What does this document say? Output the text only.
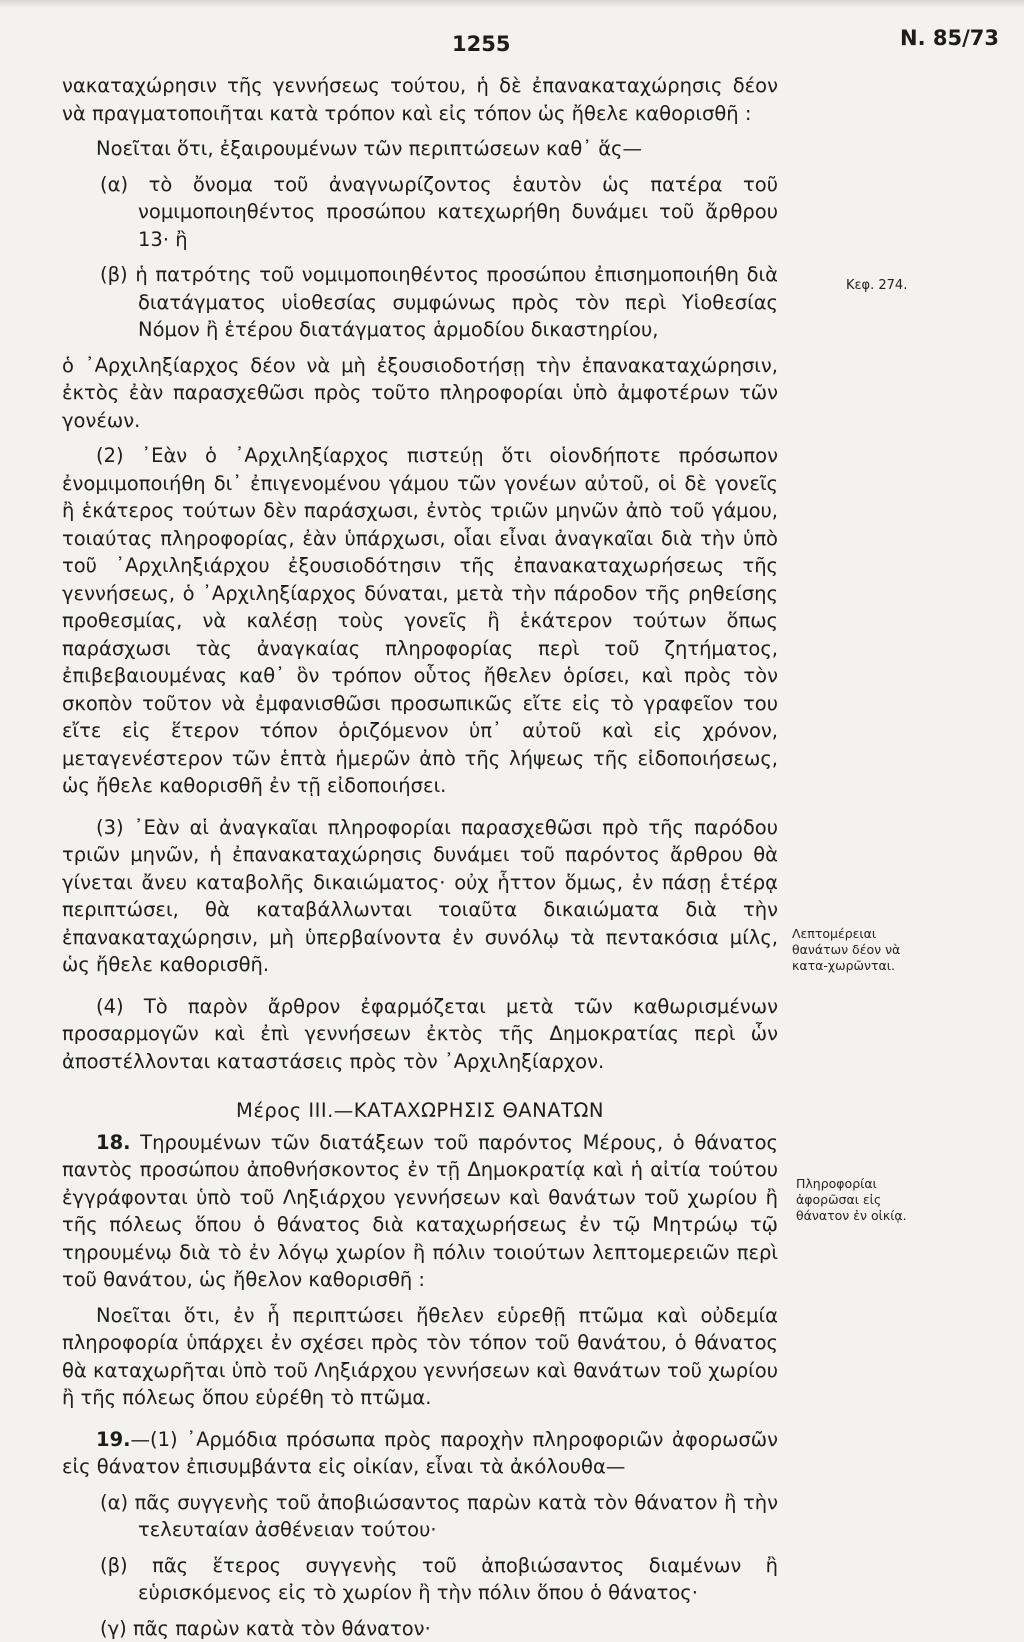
1255	Ν. 85/73

νακαταχώρησιν τῆς γεννήσεως τούτου, ἡ δὲ ἐπανακαταχώρησις δέον νὰ πραγματοποιῆται κατὰ τρόπον καὶ εἰς τόπον ὡς ἤθελε καθορισθῆ :

Νοεῖται ὅτι, ἐξαιρουμένων τῶν περιπτώσεων καθ᾽ ἅς—

(α) τὸ ὄνομα τοῦ ἀναγνωρίζοντος ἑαυτὸν ὡς πατέρα τοῦ νομιμοποιηθέντος προσώπου κατεχωρήθη δυνάμει τοῦ ἄρθρου 13· ἢ

(β) ἡ πατρότης τοῦ νομιμοποιηθέντος προσώπου ἐπισημοποιήθη διὰ διατάγματος υἱοθεσίας συμφώνως πρὸς τὸν περὶ Υἱοθεσίας Νόμον ἢ ἑτέρου διατάγματος ἁρμοδίου δικαστηρίου,

ὁ ᾽Αρχιληξίαρχος δέον νὰ μὴ ἐξουσιοδοτήσῃ τὴν ἐπανακαταχώρησιν, ἐκτὸς ἐὰν παρασχεθῶσι πρὸς τοῦτο πληροφορίαι ὑπὸ ἀμφοτέρων τῶν γονέων.

(2) ᾽Εὰν ὁ ᾽Αρχιληξίαρχος πιστεύῃ ὅτι οἱονδήποτε πρόσωπον ἐνομιμοποιήθη δι᾽ ἐπιγενομένου γάμου τῶν γονέων αὐτοῦ, οἱ δὲ γονεῖς ἢ ἑκάτερος τούτων δὲν παράσχωσι, ἐντὸς τριῶν μηνῶν ἀπὸ τοῦ γάμου, τοιαύτας πληροφορίας, ἐὰν ὑπάρχωσι, οἷαι εἶναι ἀναγκαῖαι διὰ τὴν ὑπὸ τοῦ ᾽Αρχιληξιάρχου ἐξουσιοδότησιν τῆς ἐπανακαταχωρήσεως τῆς γεννήσεως, ὁ ᾽Αρχιληξίαρχος δύναται, μετὰ τὴν πάροδον τῆς ρηθείσης προθεσμίας, νὰ καλέσῃ τοὺς γονεῖς ἢ ἑκάτερον τούτων ὅπως παράσχωσι τὰς ἀναγκαίας πληροφορίας περὶ τοῦ ζητήματος, ἐπιβεβαιουμένας καθ᾽ ὃν τρόπον οὗτος ἤθελεν ὁρίσει, καὶ πρὸς τὸν σκοπὸν τοῦτον νὰ ἐμφανισθῶσι προσωπικῶς εἴτε εἰς τὸ γραφεῖον του εἴτε εἰς ἕτερον τόπον ὁριζόμενον ὑπ᾽ αὐτοῦ καὶ εἰς χρόνον, μεταγενέστερον τῶν ἑπτὰ ἡμερῶν ἀπὸ τῆς λήψεως τῆς εἰδοποιήσεως, ὡς ἤθελε καθορισθῆ ἐν τῇ εἰδοποιήσει.

(3) ᾽Εὰν αἱ ἀναγκαῖαι πληροφορίαι παρασχεθῶσι πρὸ τῆς παρόδου τριῶν μηνῶν, ἡ ἐπανακαταχώρησις δυνάμει τοῦ παρόντος ἄρθρου θὰ γίνεται ἄνευ καταβολῆς δικαιώματος· οὐχ ἧττον ὅμως, ἐν πάσῃ ἑτέρᾳ περιπτώσει, θὰ καταβάλλωνται τοιαῦτα δικαιώματα διὰ τὴν ἐπανακαταχώρησιν, μὴ ὑπερβαίνοντα ἐν συνόλῳ τὰ πεντακόσια μίλς, ὡς ἤθελε καθορισθῆ.

(4) Τὸ παρὸν ἄρθρον ἐφαρμόζεται μετὰ τῶν καθωρισμένων προσαρμογῶν καὶ ἐπὶ γεννήσεων ἐκτὸς τῆς Δημοκρατίας περὶ ὧν ἀποστέλλονται καταστάσεις πρὸς τὸν ᾽Αρχιληξίαρχον.

Μέρος ΙΙΙ.—ΚΑΤΑΧΩΡΗΣΙΣ ΘΑΝΑΤΩΝ

18. Τηρουμένων τῶν διατάξεων τοῦ παρόντος Μέρους, ὁ θάνατος παντὸς προσώπου ἀποθνήσκοντος ἐν τῇ Δημοκρατίᾳ καὶ ἡ αἰτία τούτου ἐγγράφονται ὑπὸ τοῦ Ληξιάρχου γεννήσεων καὶ θανάτων τοῦ χωρίου ἢ τῆς πόλεως ὅπου ὁ θάνατος διὰ καταχωρήσεως ἐν τῷ Μητρώῳ τῷ τηρουμένῳ διὰ τὸ ἐν λόγῳ χωρίον ἢ πόλιν τοιούτων λεπτομερειῶν περὶ τοῦ θανάτου, ὡς ἤθελον καθορισθῆ :

Νοεῖται ὅτι, ἐν ἧ περιπτώσει ἤθελεν εὑρεθῇ πτῶμα καὶ οὐδεμία πληροφορία ὑπάρχει ἐν σχέσει πρὸς τὸν τόπον τοῦ θανάτου, ὁ θάνατος θὰ καταχωρῆται ὑπὸ τοῦ Ληξιάρχου γεννήσεων καὶ θανάτων τοῦ χωρίου ἢ τῆς πόλεως ὅπου εὑρέθη τὸ πτῶμα.

19.—(1) ᾽Αρμόδια πρόσωπα πρὸς παροχὴν πληροφοριῶν ἀφορωσῶν εἰς θάνατον ἐπισυμβάντα εἰς οἰκίαν, εἶναι τὰ ἀκόλουθα—

(α) πᾶς συγγενὴς τοῦ ἀποβιώσαντος παρὼν κατὰ τὸν θάνατον ἢ τὴν τελευταίαν ἀσθένειαν τούτου·

(β) πᾶς ἕτερος συγγενὴς τοῦ ἀποβιώσαντος διαμένων ἢ εὑρισκόμενος εἰς τὸ χωρίον ἢ τὴν πόλιν ὅπου ὁ θάνατος·

(γ) πᾶς παρὼν κατὰ τὸν θάνατον·

Κεφ. 274.
Λεπτομέρειαι θανάτων δέον νὰ κατα-χωρῶνται.
Πληροφορίαι ἀφορῶσαι εἰς θάνατον ἐν οἰκίᾳ.
